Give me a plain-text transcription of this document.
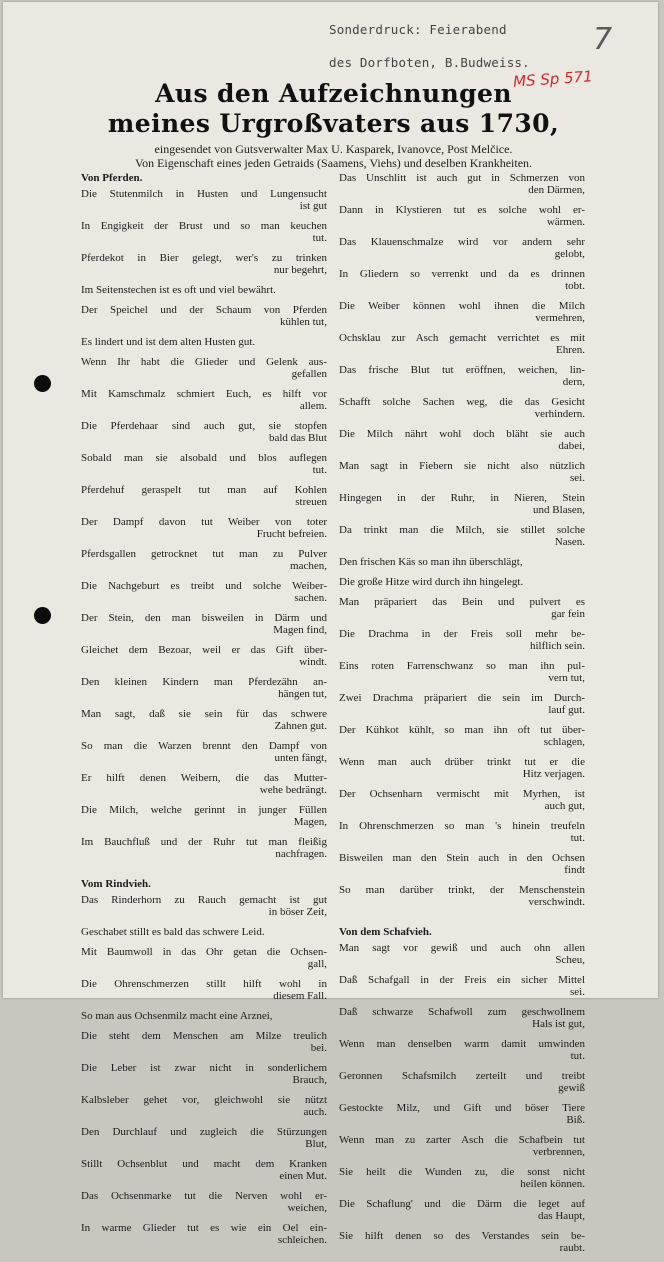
Sonderdruck: Feierabend
des Dorfboten, B.Budweiss.
7
MS Sp 571
Aus den Aufzeichnungen
meines Urgroßvaters aus 1730,
eingesendet von Gutsverwalter Max U. Kasparek, Ivanovce, Post Melčice.
Von Eigenschaft eines jeden Getraids (Saamens, Viehs) und deselben Krankheiten.
Von Pferden.
Die Stutenmilch in Husten und Lungensucht
ist gut
In Engigkeit der Brust und so man keuchen
tut.
Pferdekot in Bier gelegt, wer's zu trinken
nur begehrt,
Im Seitenstechen ist es oft und viel bewährt.
Der Speichel und der Schaum von Pferden
kühlen tut,
Es lindert und ist dem alten Husten gut.
Wenn Ihr habt die Glieder und Gelenk aus-
gefallen
Mit Kamschmalz schmiert Euch, es hilft vor
allem.
Die Pferdehaar sind auch gut, sie stopfen
bald das Blut
Sobald man sie alsobald und blos auflegen
tut.
Pferdehuf geraspelt tut man auf Kohlen
streuen
Der Dampf davon tut Weiber von toter
Frucht befreien.
Pferdsgallen getrocknet tut man zu Pulver
machen,
Die Nachgeburt es treibt und solche Weiber-
sachen.
Der Stein, den man bisweilen in Därm und
Magen find,
Gleichet dem Bezoar, weil er das Gift über-
windt.
Den kleinen Kindern man Pferdezähn an-
hängen tut,
Man sagt, daß sie sein für das schwere
Zahnen gut.
So man die Warzen brennt den Dampf von
unten fängt,
Er hilft denen Weibern, die das Mutter-
wehe bedrängt.
Die Milch, welche gerinnt in junger Füllen
Magen,
Im Bauchfluß und der Ruhr tut man fleißig
nachfragen.
Vom Rindvieh.
Das Rinderhorn zu Rauch gemacht ist gut
in böser Zeit,
Geschabet stillt es bald das schwere Leid.
Mit Baumwoll in das Ohr getan die Ochsen-
gall,
Die Ohrenschmerzen stillt hilft wohl in
diesem Fall.
So man aus Ochsenmilz macht eine Arznei,
Die steht dem Menschen am Milze treulich
bei.
Die Leber ist zwar nicht in sonderlichem
Brauch,
Kalbsleber gehet vor, gleichwohl sie nützt
auch.
Den Durchlauf und zugleich die Stürzungen
Blut,
Stillt Ochsenblut und macht dem Kranken
einen Mut.
Das Ochsenmarke tut die Nerven wohl er-
weichen,
In warme Glieder tut es wie ein Oel ein-
schleichen.
Das Unschlitt ist auch gut in Schmerzen von
den Därmen,
Dann in Klystieren tut es solche wohl er-
wärmen.
Das Klauenschmalze wird vor andern sehr
gelobt,
In Gliedern so verrenkt und da es drinnen
tobt.
Die Weiber können wohl ihnen die Milch
vermehren,
Ochsklau zur Asch gemacht verrichtet es mit
Ehren.
Das frische Blut tut eröffnen, weichen, lin-
dern,
Schafft solche Sachen weg, die das Gesicht
verhindern.
Die Milch nährt wohl doch bläht sie auch
dabei,
Man sagt in Fiebern sie nicht also nützlich
sei.
Hingegen in der Ruhr, in Nieren, Stein
und Blasen,
Da trinkt man die Milch, sie stillet solche
Nasen.
Den frischen Käs so man ihn überschlägt,
Die große Hitze wird durch ihn hingelegt.
Man präpariert das Bein und pulvert es
gar fein
Die Drachma in der Freis soll mehr be-
hilflich sein.
Eins roten Farrenschwanz so man ihn pul-
vern tut,
Zwei Drachma präpariert die sein im Durch-
lauf gut.
Der Kühkot kühlt, so man ihn oft tut über-
schlagen,
Wenn man auch drüber trinkt tut er die
Hitz verjagen.
Der Ochsenharn vermischt mit Myrhen, ist
auch gut,
In Ohrenschmerzen so man 's hinein treufeln
tut.
Bisweilen man den Stein auch in den Ochsen
findt
So man darüber trinkt, der Menschenstein
verschwindt.
Von dem Schafvieh.
Man sagt vor gewiß und auch ohn allen
Scheu,
Daß Schafgall in der Freis ein sicher Mittel
sei.
Daß schwarze Schafwoll zum geschwollnem
Hals ist gut,
Wenn man denselben warm damit umwinden
tut.
Geronnen Schafsmilch zerteilt und treibt
gewiß
Gestockte Milz, und Gift und böser Tiere
Biß.
Wenn man zu zarter Asch die Schafbein tut
verbrennen,
Sie heilt die Wunden zu, die sonst nicht
heilen können.
Die Schaflung' und die Därm die leget auf
das Haupt,
Sie hilft denen so des Verstandes sein be-
raubt.
